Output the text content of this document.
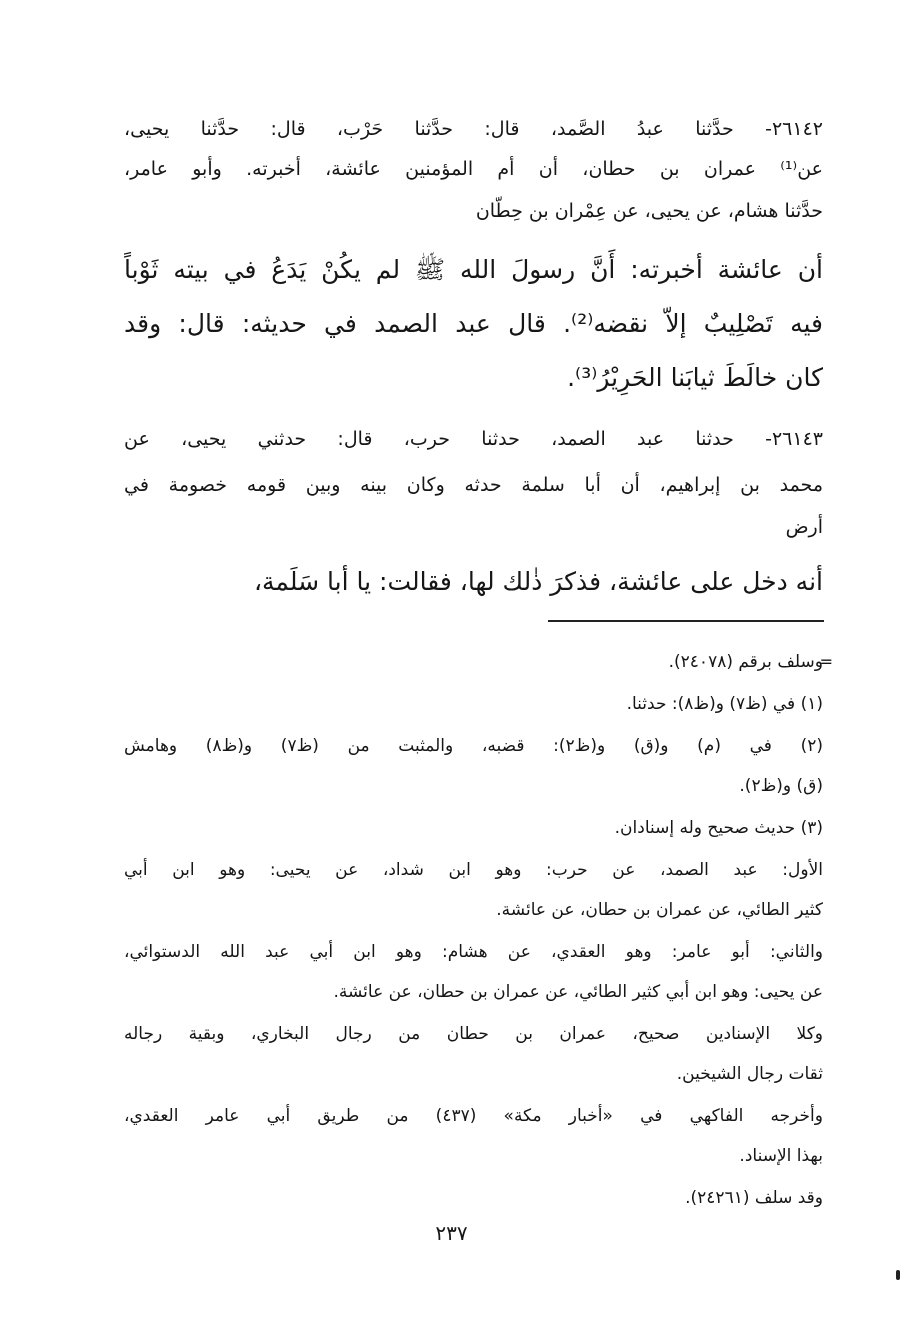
٢٦١٤٢- حدَّثنا عبدُ الصَّمد، قال: حدَّثنا حَرْب، قال: حدَّثنا يحيى،
عن⁽¹⁾ عمران بن حطان، أن أم المؤمنين عائشة، أخبرته. وأبو عامر،
حدَّثنا هشام، عن يحيى، عن عِمْران بن حِطَّان
أن عائشة أخبرته: أَنَّ رسولَ الله ﷺ لم يكُنْ يَدَعُ في بيته ثَوْباً
فيه تَصْلِيبٌ إلاّ نقضه⁽²⁾. قال عبد الصمد في حديثه: قال: وقد
كان خالَطَ ثيابَنا الحَرِيْرُ⁽³⁾.
٢٦١٤٣- حدثنا عبد الصمد، حدثنا حرب، قال: حدثني يحيى، عن
محمد بن إبراهيم، أن أبا سلمة حدثه وكان بينه وبين قومه خصومة في
أرض
أنه دخل على عائشة، فذكرَ ذٰلك لها، فقالت: يا أبا سَلَمة،
=
وسلف برقم (٢٤٠٧٨).
(١) في (ظ٧) و(ظ٨): حدثنا.
(٢) في (م) و(ق) و(ظ٢): قضبه، والمثبت من (ظ٧) و(ظ٨) وهامش
(ق) و(ظ٢).
(٣) حديث صحيح وله إسنادان.
الأول: عبد الصمد، عن حرب: وهو ابن شداد، عن يحيى: وهو ابن أبي
كثير الطائي، عن عمران بن حطان، عن عائشة.
والثاني: أبو عامر: وهو العقدي، عن هشام: وهو ابن أبي عبد الله الدستوائي،
عن يحيى: وهو ابن أبي كثير الطائي، عن عمران بن حطان، عن عائشة.
وكلا الإسنادين صحيح، عمران بن حطان من رجال البخاري، وبقية رجاله
ثقات رجال الشيخين.
وأخرجه الفاكهي في «أخبار مكة» (٤٣٧) من طريق أبي عامر العقدي،
بهذا الإسناد.
وقد سلف (٢٤٢٦١).
٢٣٧
